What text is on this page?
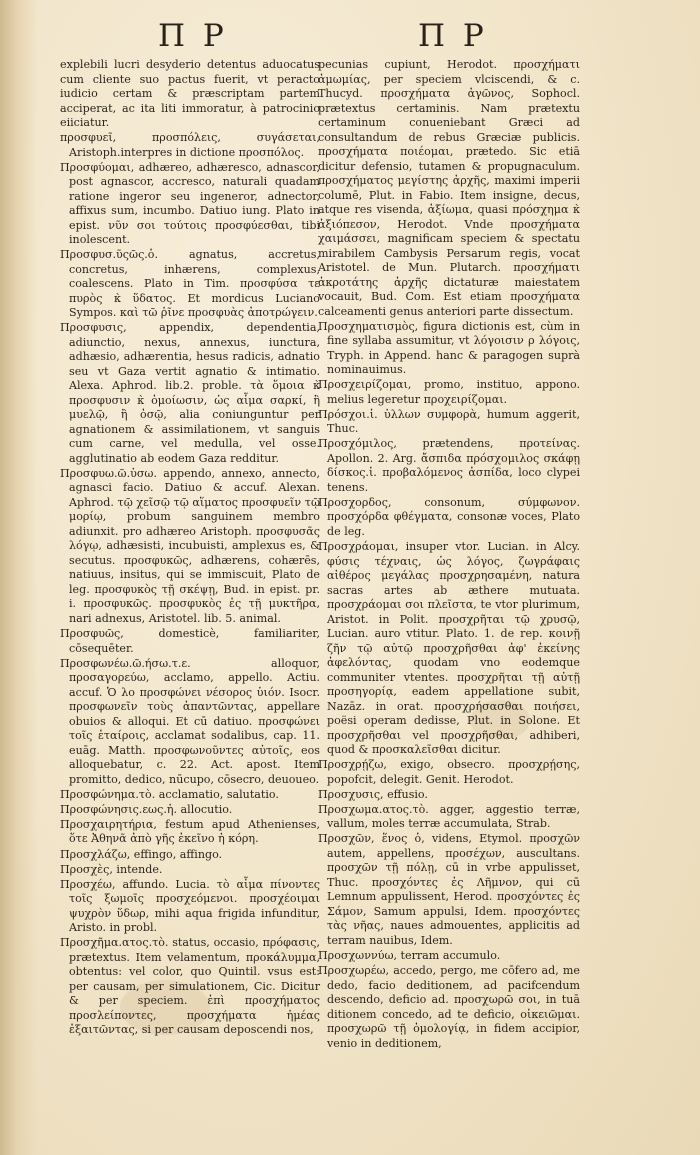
Π Ρ	Π Ρ

explebili lucri desyderio detentus aduocatus cum cliente suo pactus fuerit, vt peracto iudicio certam & præscriptam partem acciperat, ac ita liti immoratur, à patrocinio eiiciatur.

προσφυεῖ, προσπόλεις, συγάσεται, Aristoph.interpres in dictione προσπόλος.

Προσφύομαι, adhæreo, adhæresco, adnascor, post agnascor, accresco, naturali quadam ratione ingeror seu ingeneror, adnector, affixus sum, incumbo. Datiuo iung. Plato in epist. νῦν σοι τούτοις προσφύεσθαι, tibi inolescent.

Προσφυσ.ῦςῶς.ὁ. agnatus, accretus, concretus, inhærens, complexus, coalescens. Plato in Tim. προσφύσα τε πυρὸς κ̀ ὕδατος. Et mordicus Luciano Sympos. καὶ τῶ ῥῖνε προσφυὰς ἀποτρώγειν.

Προσφυσις, appendix, dependentia, adiunctio, nexus, annexus, iunctura, adhæsio, adhærentia, hesus radicis, adnatio seu vt Gaza vertit agnatio & intimatio. Alexa. Aphrod. lib.2. proble. τὰ ὅμοια κ̀ προσφυσιν κ̀ ὁμοίωσιν, ὡς αἷμα σαρκί, ἢ μυελῷ, ἢ ὀσῷ, alia coniunguntur per agnationem & assimilationem, vt sanguis cum carne, vel medulla, vel osse. agglutinatio ab eodem Gaza redditur.

Προσφυω.ῶ.ὑσω. appendo, annexo, annecto, agnasci facio. Datiuo & accuf. Alexan. Aphrod. τῷ χεῖσῷ τῷ αἵματος προσφυεῖν τῷ μορίῳ, probum sanguinem membro adiunxit. pro adhæreo Aristoph. προσφυσᾶς λόγῳ, adhæsisti, incubuisti, amplexus es, & secutus. προσφυκῶς, adhærens, cohærēs, natiuus, insitus, qui se immiscuit, Plato de leg. προσφυκὸς τῇ σκέψῃ, Bud. in epist. pr. i. προσφυκῶς. προσφυκὸς ἐς τῇ μυκτῆρα, nari adnexus, Aristotel. lib. 5. animal.

Προσφυῶς, domesticè, familiariter, cōsequēter.

Προσφωνέω.ῶ.ήσω.τ.ε. alloquor, προσαγορεύω, acclamo, appello. Actiu. accuf. Ὁ λο προσφώνει νέσορος ὑιόν. Isocr. προσφωνεῖν τοὺς ἀπαντῶντας, appellare obuios & alloqui. Et cū datiuo. προσφώνει τοῖς ἑταίροις, acclamat sodalibus, cap. 11. euāg. Matth. προσφωνοῦντες αὐτοῖς, eos alloquebatur, c. 22. Act. apost. Item promitto, dedico, nūcupo, cōsecro, deuoueo.

Προσφώνημα.τὸ. acclamatio, salutatio.

Προσφώνησις.εως.ἡ. allocutio.

Προσχαιρητήρια, festum apud Athenienses, ὅτε Ἀθηνᾶ ἀπὸ γῆς ἐκεῖνο ἡ κόρη.

Προσχλάζω, effingo, affingo.

Προσχὲς, intende.

Προσχέω, affundo. Lucia. τὸ αἷμα πίνοντες τοῖς ξωμοῖς προσχεόμενοι. προσχέοιμαι ψυχρὸν ὕδωρ, mihi aqua frigida infunditur, Aristo. in probl.

Προσχῆμα.ατος.τὸ. status, occasio, πρόφασις, prætextus. Item velamentum, προκάλυμμα, obtentus: vel color, quo Quintil. vsus est: per causam, per simulationem, Cic. Dicitur & per speciem. ἐπὶ προσχήματος προσλείποντες, προσχήματα ἡμέας ἐξαιτῶντας, si per causam deposcendi nos,

pecunias cupiunt, Herodot. προσχήματι ἀμωμίας, per speciem vlciscendi, & c. Thucyd. προσχήματα ἀγῶνος, Sophocl. prætextus certaminis. Nam prætextu certaminum conueniebant Græci ad consultandum de rebus Græciæ publicis. προσχήματα ποιέομαι, prætedo. Sic etiā dicitur defensio, tutamen & propugnaculum. προσχήματος μεγίστης ἀρχῆς, maximi imperii columē, Plut. in Fabio. Item insigne, decus, atque res visenda, ἀξίωμα, quasi πρόσχημα κ̀ ἀξιόπεσον, Herodot. Vnde προσχήματα χαιμάσσει, magnificam speciem & spectatu mirabilem Cambysis Persarum regis, vocat Aristotel. de Mun. Plutarch. προσχήματι ἀκροτάτης ἀρχῆς dictaturæ maiestatem vocauit, Bud. Com. Est etiam προσχήματα calceamenti genus anteriori parte dissectum.

Προσχηματισμὸς, figura dictionis est, cùm in fine syllaba assumitur, vt λόγοισιν ρ λόγοις, Tryph. in Append. hanc & paragogen suprà nominauimus.

Προσχειρίζομαι, promo, instituo, appono. melius legeretur προχειρίζομαι.

Πρόσχοι.ἰ. ὑλλων συμφορὰ, humum aggerit, Thuc.

Προσχόμιλος, prætendens, προτείνας. Apollon. 2. Arg. ἄσπιδα πρόσχομιλος σκάφῃ δίσκος.ἰ. προβαλόμενος ἀσπίδα, loco clypei tenens.

Προσχορδος, consonum, σύμφωνον. προσχόρδα φθέγματα, consonæ voces, Plato de leg.

Προσχράομαι, insuper vtor. Lucian. in Alcy. φύσις τέχναις, ὡς λόγος, ζωγράφαις αἰθέρος μεγάλας προσχρησαμένη, natura sacras artes ab æthere mutuata. προσχράομαι σοι πλεῖστα, te vtor plurimum, Aristot. in Polit. προσχρῆται τῷ χρυσῷ, Lucian. auro vtitur. Plato. 1. de rep. κοινῇ ζῆν τῷ αὐτῷ προσχρῆσθαι ἀφ' ἐκείνης ἀφελόντας, quodam vno eodemque communiter vtentes. προσχρῆται τῇ αὐτῇ προσηγορίᾳ, eadem appellatione subit, Nazāz. in orat. προσχρήσασθαι ποιήσει, poësi operam dedisse, Plut. in Solone. Et προσχρῆσθαι vel προσχρῆσθαι, adhiberi, quod & προσκαλεῖσθαι dicitur.

Προσχρῄζω, exigo, obsecro. προσχρῄσης, popofcit, delegit. Genit. Herodot.

Προσχυσις, effusio.

Προσχωμα.ατος.τὸ. agger, aggestio terræ, vallum, moles terræ accumulata, Strab.

Προσχῶν, ἕνος ὁ, videns, Etymol. προσχῶν autem, appellens, προσέχων, auscultans. προσχῶν τῇ πόλῃ, cū in vrbe appulisset, Thuc. προσχόντες ἐς Λῆμνον, qui cū Lemnum appulissent, Herod. προσχόντες ἐς Σάμον, Samum appulsi, Idem. προσχόντες τὰς νῆας, naues admouentes, applicitis ad terram nauibus, Idem.

Προσχωννύω, terram accumulo.

Προσχωρέω, accedo, pergo, me cōfero ad, me dedo, facio deditionem, ad pacifcendum descendo, deficio ad. προσχωρῶ σοι, in tuā ditionem concedo, ad te deficio, οἰκειῶμαι. προσχωρῶ τῇ ὁμολογίᾳ, in fidem accipior, venio in deditionem,
